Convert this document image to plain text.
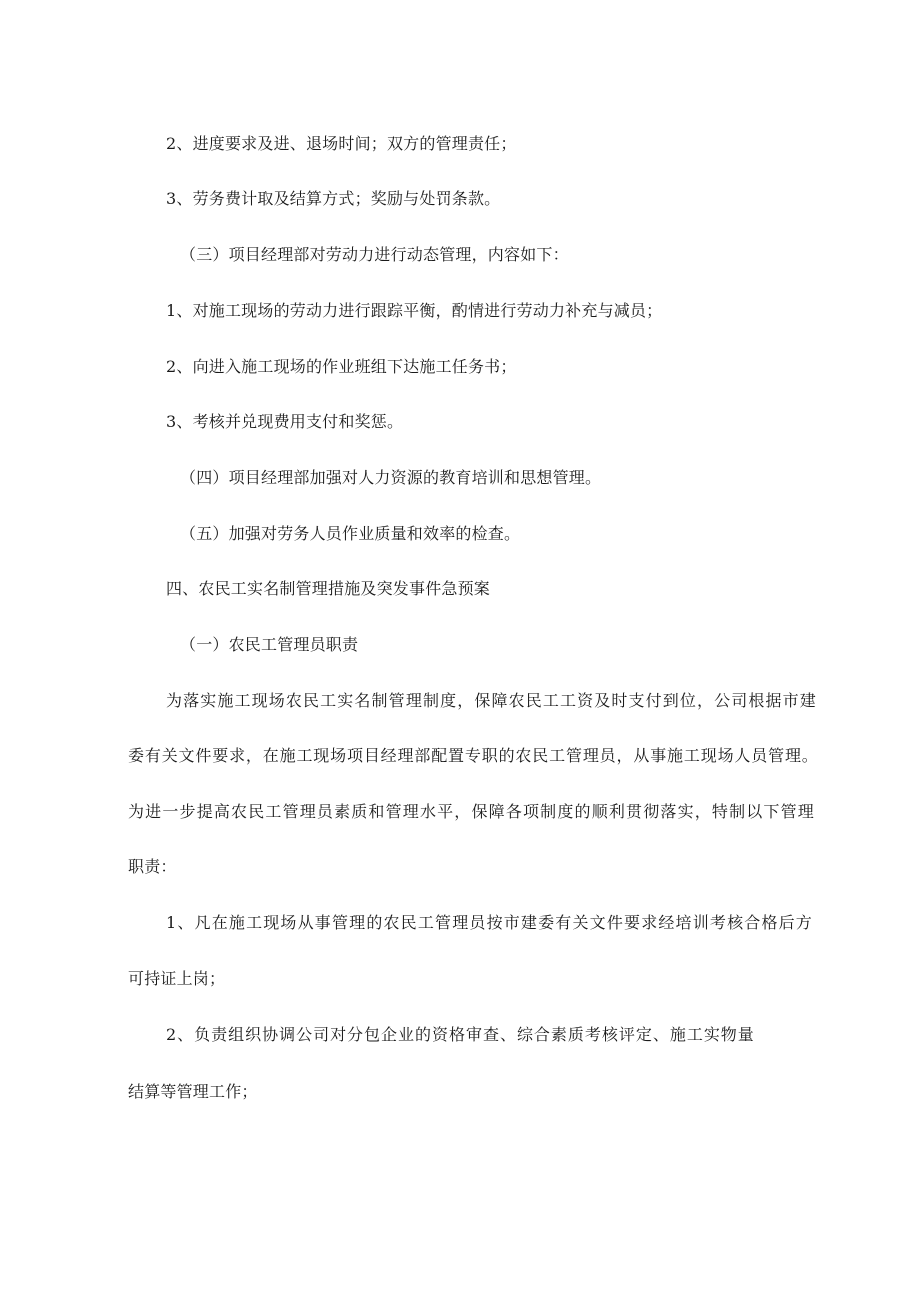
2、进度要求及进、退场时间；双方的管理责任；
3、劳务费计取及结算方式；奖励与处罚条款。
（三）项目经理部对劳动力进行动态管理，内容如下：
1、对施工现场的劳动力进行跟踪平衡，酌情进行劳动力补充与减员；
2、向进入施工现场的作业班组下达施工任务书；
3、考核并兑现费用支付和奖惩。
（四）项目经理部加强对人力资源的教育培训和思想管理。
（五）加强对劳务人员作业质量和效率的检查。
四、农民工实名制管理措施及突发事件急预案
（一）农民工管理员职责
为落实施工现场农民工实名制管理制度，保障农民工工资及时支付到位，公司根据市建
委有关文件要求，在施工现场项目经理部配置专职的农民工管理员，从事施工现场人员管理。
为进一步提高农民工管理员素质和管理水平，保障各项制度的顺利贯彻落实，特制以下管理
职责：
1、凡在施工现场从事管理的农民工管理员按市建委有关文件要求经培训考核合格后方
可持证上岗；
2、负责组织协调公司对分包企业的资格审查、综合素质考核评定、施工实物量
结算等管理工作；
